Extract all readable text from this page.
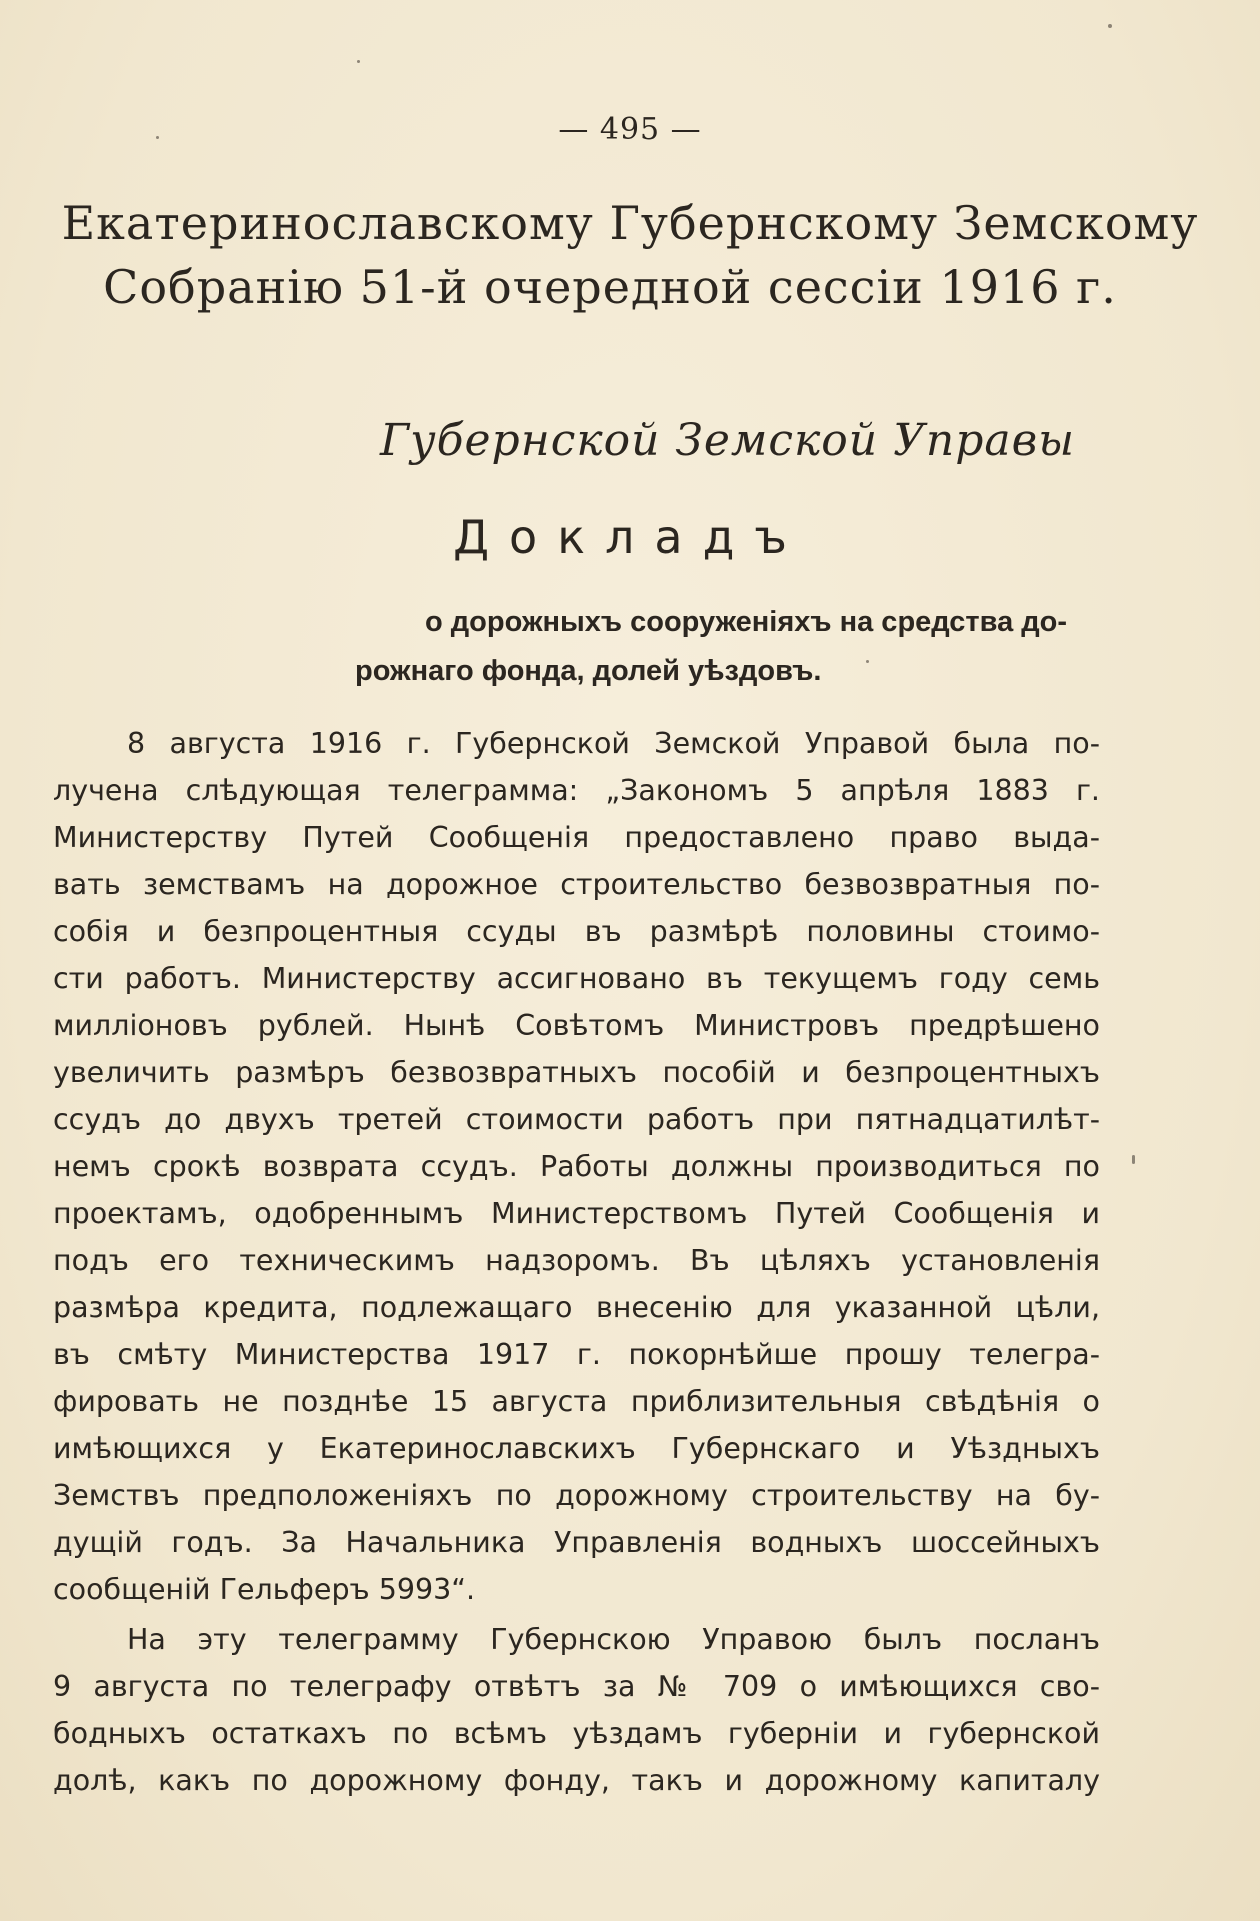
— 495 —
Екатеринославскому Губернскому Земскому
Собранію 51-й очередной сессіи 1916 г.
Губернской Земской Управы
Докладъ
о дорожныхъ сооруженіяхъ на средства до-
рожнаго фонда, долей уѣздовъ.
8 августа 1916 г. Губернской Земской Управой была по-
лучена слѣдующая телеграмма: „Закономъ 5 апрѣля 1883 г.
Министерству Путей Сообщенія предоставлено право выда-
вать земствамъ на дорожное строительство безвозвратныя по-
собія и безпроцентныя ссуды въ размѣрѣ половины стоимо-
сти работъ. Министерству ассигновано въ текущемъ году семь
милліоновъ рублей. Нынѣ Совѣтомъ Министровъ предрѣшено
увеличить размѣръ безвозвратныхъ пособій и безпроцентныхъ
ссудъ до двухъ третей стоимости работъ при пятнадцатилѣт-
немъ срокѣ возврата ссудъ. Работы должны производиться по
проектамъ, одобреннымъ Министерствомъ Путей Сообщенія и
подъ его техническимъ надзоромъ. Въ цѣляхъ установленія
размѣра кредита, подлежащаго внесенію для указанной цѣли,
въ смѣту Министерства 1917 г. покорнѣйше прошу телегра-
фировать не позднѣе 15 августа приблизительныя свѣдѣнія о
имѣющихся у Екатеринославскихъ Губернскаго и Уѣздныхъ
Земствъ предположеніяхъ по дорожному строительству на бу-
дущій годъ. За Начальника Управленія водныхъ шоссейныхъ
сообщеній Гельферъ 5993“.
На эту телеграмму Губернскою Управою былъ посланъ
9 августа по телеграфу отвѣтъ за № 709 о имѣющихся сво-
бодныхъ остаткахъ по всѣмъ уѣздамъ губерніи и губернской
долѣ, какъ по дорожному фонду, такъ и дорожному капиталу
